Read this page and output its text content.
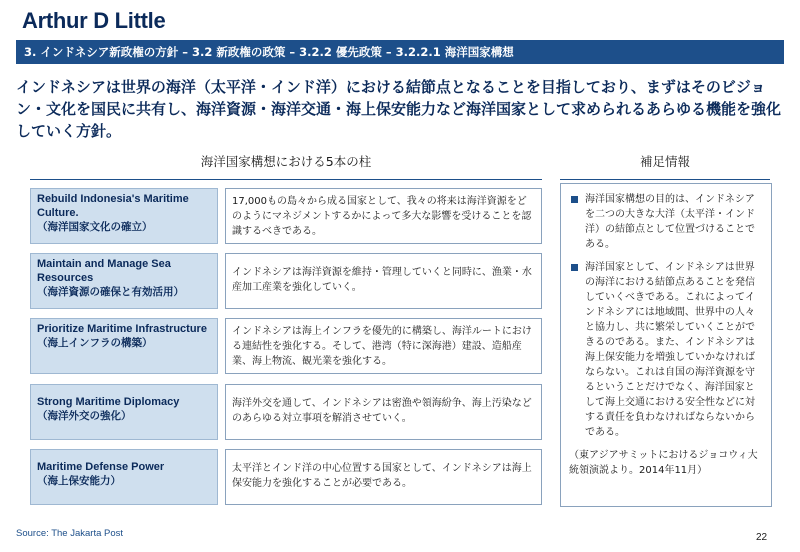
Arthur D Little
3. インドネシア新政権の方針 – 3.2 新政権の政策 – 3.2.2 優先政策 – 3.2.2.1 海洋国家構想
インドネシアは世界の海洋（太平洋・インド洋）における結節点となることを目指しており、まずはそのビジョン・文化を国民に共有し、海洋資源・海洋交通・海上保安能力など海洋国家として求められるあらゆる機能を強化していく方針。
海洋国家構想における5本の柱	補足情報
Rebuild Indonesia's Maritime Culture.
（海洋国家文化の確立）
17,000もの島々から成る国家として、我々の将来は海洋資源をどのようにマネジメントするかによって多大な影響を受けることを認識するべきである。
Maintain and Manage Sea Resources
（海洋資源の確保と有効活用）
インドネシアは海洋資源を維持・管理していくと同時に、漁業・水産加工産業を強化していく。
Prioritize Maritime Infrastructure
（海上インフラの構築）
インドネシアは海上インフラを優先的に構築し、海洋ルートにおける連結性を強化する。そして、港湾（特に深海港）建設、造船産業、海上物流、観光業を強化する。
Strong Maritime Diplomacy
（海洋外交の強化）
海洋外交を通して、インドネシアは密漁や領海紛争、海上汚染などのあらゆる対立事項を解消させていく。
Maritime Defense Power
（海上保安能力）
太平洋とインド洋の中心位置する国家として、インドネシアは海上保安能力を強化することが必要である。
海洋国家構想の目的は、インドネシアを二つの大きな大洋（太平洋・インド洋）の結節点として位置づけることである。
海洋国家として、インドネシアは世界の海洋における結節点あることを発信していくべきである。これによってインドネシアには地域間、世界中の人々と協力し、共に繁栄していくことができるのである。また、インドネシアは海上保安能力を増強していかなければならない。これは自国の海洋資源を守るということだけでなく、海洋国家として海上交通における安全性などに対する責任を負わなければならないからである。
（東アジアサミットにおけるジョコウィ大統領演説より。2014年11月）
Source: The Jakarta Post	22
